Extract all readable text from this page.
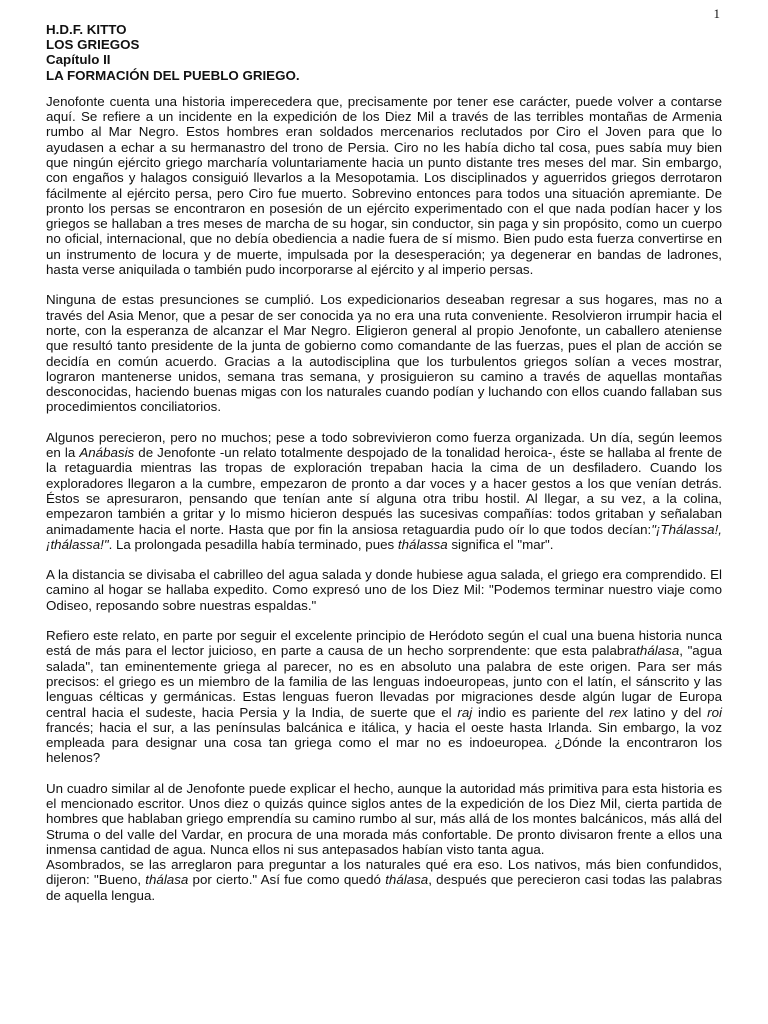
1
H.D.F. KITTO
LOS GRIEGOS
Capítulo II
LA FORMACIÓN DEL PUEBLO GRIEGO.

Jenofonte cuenta una historia imperecedera que, precisamente por tener ese carácter, puede volver a contarse aquí. Se refiere a un incidente en la expedición de los Diez Mil a través de las terribles montañas de Armenia rumbo al Mar Negro. Estos hombres eran soldados mercenarios reclutados por Ciro el Joven para que lo ayudasen a echar a su hermanastro del trono de Persia. Ciro no les había dicho tal cosa, pues sabía muy bien que ningún ejército griego marcharía voluntariamente hacia un punto distante tres meses del mar. Sin embargo, con engaños y halagos consiguió llevarlos a la Mesopotamia. Los disciplinados y aguerridos griegos derrotaron fácilmente al ejército persa, pero Ciro fue muerto. Sobrevino entonces para todos una situación apremiante. De pronto los persas se encontraron en posesión de un ejército experimentado con el que nada podían hacer y los griegos se hallaban a tres meses de marcha de su hogar, sin conductor, sin paga y sin propósito, como un cuerpo no oficial, internacional, que no debía obediencia a nadie fuera de sí mismo. Bien pudo esta fuerza convertirse en un instrumento de locura y de muerte, impulsada por la desesperación; ya degenerar en bandas de ladrones, hasta verse aniquilada o también pudo incorporarse al ejército y al imperio persas.

Ninguna de estas presunciones se cumplió. Los expedicionarios deseaban regresar a sus hogares, mas no a través del Asia Menor, que a pesar de ser conocida ya no era una ruta conveniente. Resolvieron irrumpir hacia el norte, con la esperanza de alcanzar el Mar Negro. Eligieron general al propio Jenofonte, un caballero ateniense que resultó tanto presidente de la junta de gobierno como comandante de las fuerzas, pues el plan de acción se decidía en común acuerdo. Gracias a la autodisciplina que los turbulentos griegos solían a veces mostrar, lograron mantenerse unidos, semana tras semana, y prosiguieron su camino a través de aquellas montañas desconocidas, haciendo buenas migas con los naturales cuando podían y luchando con ellos cuando fallaban sus procedimientos conciliatorios.

Algunos perecieron, pero no muchos; pese a todo sobrevivieron como fuerza organizada. Un día, según leemos en la Anábasis de Jenofonte -un relato totalmente despojado de la tonalidad heroica-, éste se hallaba al frente de la retaguardia mientras las tropas de exploración trepaban hacia la cima de un desfiladero. Cuando los exploradores llegaron a la cumbre, empezaron de pronto a dar voces y a hacer gestos a los que venían detrás. Éstos se apresuraron, pensando que tenían ante sí alguna otra tribu hostil. Al llegar, a su vez, a la colina, empezaron también a gritar y lo mismo hicieron después las sucesivas compañías: todos gritaban y señalaban animadamente hacia el norte. Hasta que por fin la ansiosa retaguardia pudo oír lo que todos decían:"¡Thálassa!, ¡thálassa!". La prolongada pesadilla había terminado, pues thálassa significa el "mar".

A la distancia se divisaba el cabrilleo del agua salada y donde hubiese agua salada, el griego era comprendido. El camino al hogar se hallaba expedito. Como expresó uno de los Diez Mil: "Podemos terminar nuestro viaje como Odiseo, reposando sobre nuestras espaldas."

Refiero este relato, en parte por seguir el excelente principio de Heródoto según el cual una buena historia nunca está de más para el lector juicioso, en parte a causa de un hecho sorprendente: que esta palabrathálasa, "agua salada", tan eminentemente griega al parecer, no es en absoluto una palabra de este origen. Para ser más precisos: el griego es un miembro de la familia de las lenguas indoeuropeas, junto con el latín, el sánscrito y las lenguas célticas y germánicas. Estas lenguas fueron llevadas por migraciones desde algún lugar de Europa central hacia el sudeste, hacia Persia y la India, de suerte que el raj indio es pariente del rex latino y del roi francés; hacia el sur, a las penínsulas balcánica e itálica, y hacia el oeste hasta Irlanda. Sin embargo, la voz empleada para designar una cosa tan griega como el mar no es indoeuropea. ¿Dónde la encontraron los helenos?

Un cuadro similar al de Jenofonte puede explicar el hecho, aunque la autoridad más primitiva para esta historia es el mencionado escritor. Unos diez o quizás quince siglos antes de la expedición de los Diez Mil, cierta partida de hombres que hablaban griego emprendía su camino rumbo al sur, más allá de los montes balcánicos, más allá del Struma o del valle del Vardar, en procura de una morada más confortable. De pronto divisaron frente a ellos una inmensa cantidad de agua. Nunca ellos ni sus antepasados habían visto tanta agua.

Asombrados, se las arreglaron para preguntar a los naturales qué era eso. Los nativos, más bien confundidos, dijeron: "Bueno, thálasa por cierto." Así fue como quedó thálasa, después que perecieron casi todas las palabras de aquella lengua.
